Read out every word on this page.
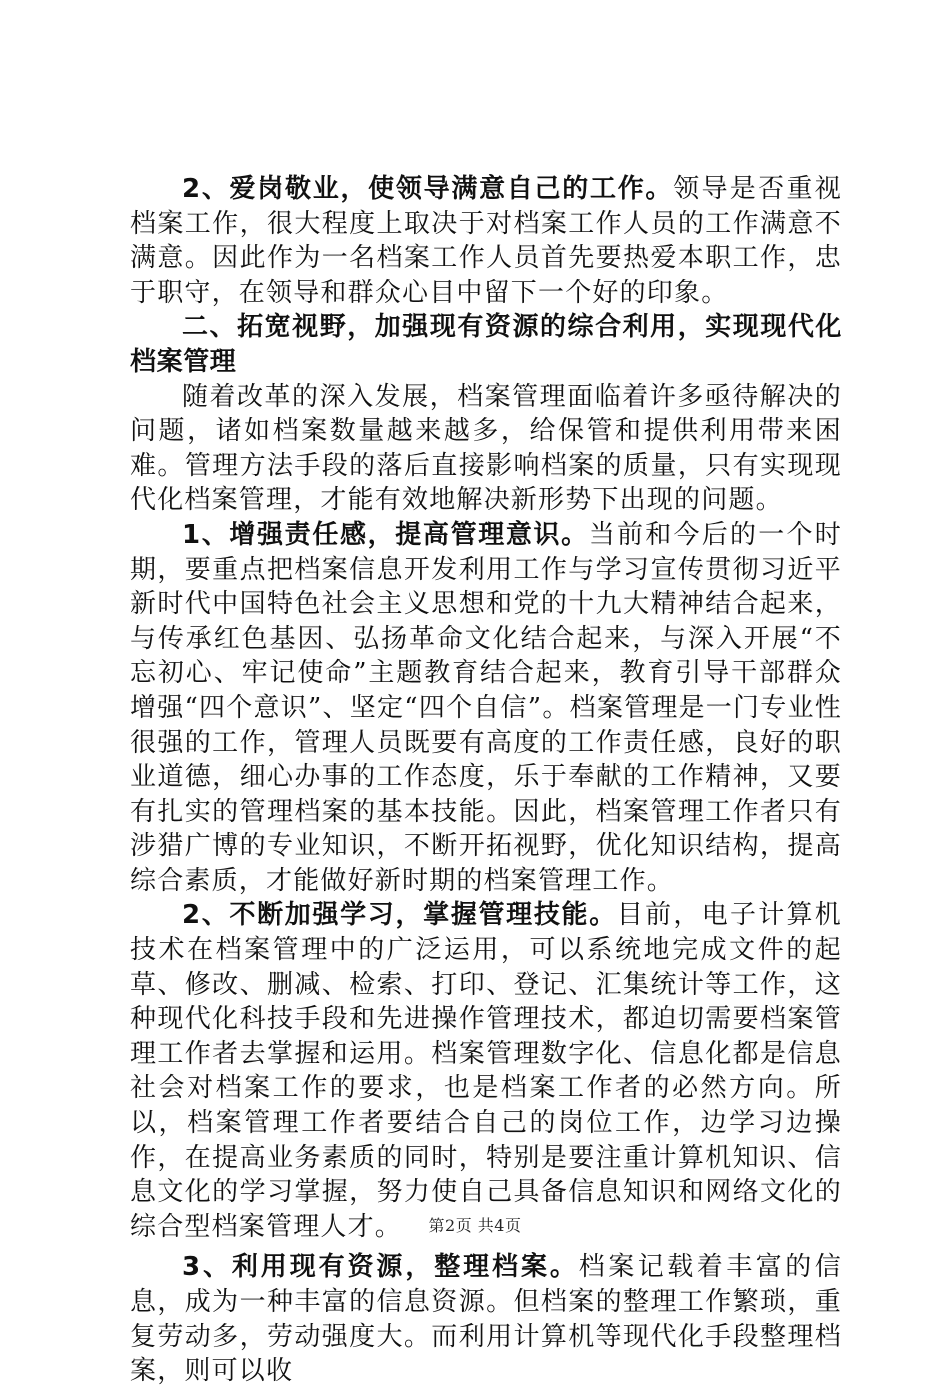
2、爱岗敬业，使领导满意自己的工作。领导是否重视档案工作，很大程度上取决于对档案工作人员的工作满意不满意。因此作为一名档案工作人员首先要热爱本职工作，忠于职守，在领导和群众心目中留下一个好的印象。

二、拓宽视野，加强现有资源的综合利用，实现现代化档案管理

随着改革的深入发展，档案管理面临着许多亟待解决的问题，诸如档案数量越来越多，给保管和提供利用带来困难。管理方法手段的落后直接影响档案的质量，只有实现现代化档案管理，才能有效地解决新形势下出现的问题。

1、增强责任感，提高管理意识。当前和今后的一个时期，要重点把档案信息开发利用工作与学习宣传贯彻习近平新时代中国特色社会主义思想和党的十九大精神结合起来，与传承红色基因、弘扬革命文化结合起来，与深入开展“不忘初心、牢记使命”主题教育结合起来，教育引导干部群众增强“四个意识”、坚定“四个自信”。档案管理是一门专业性很强的工作，管理人员既要有高度的工作责任感，良好的职业道德，细心办事的工作态度，乐于奉献的工作精神，又要有扎实的管理档案的基本技能。因此，档案管理工作者只有涉猎广博的专业知识，不断开拓视野，优化知识结构，提高综合素质，才能做好新时期的档案管理工作。

2、不断加强学习，掌握管理技能。目前，电子计算机技术在档案管理中的广泛运用，可以系统地完成文件的起草、修改、删减、检索、打印、登记、汇集统计等工作，这种现代化科技手段和先进操作管理技术，都迫切需要档案管理工作者去掌握和运用。档案管理数字化、信息化都是信息社会对档案工作的要求，也是档案工作者的必然方向。所以，档案管理工作者要结合自己的岗位工作，边学习边操作，在提高业务素质的同时，特别是要注重计算机知识、信息文化的学习掌握，努力使自己具备信息知识和网络文化的综合型档案管理人才。

3、利用现有资源，整理档案。档案记载着丰富的信息，成为一种丰富的信息资源。但档案的整理工作繁琐，重复劳动多，劳动强度大。而利用计算机等现代化手段整理档案，则可以收

第2页 共4页
